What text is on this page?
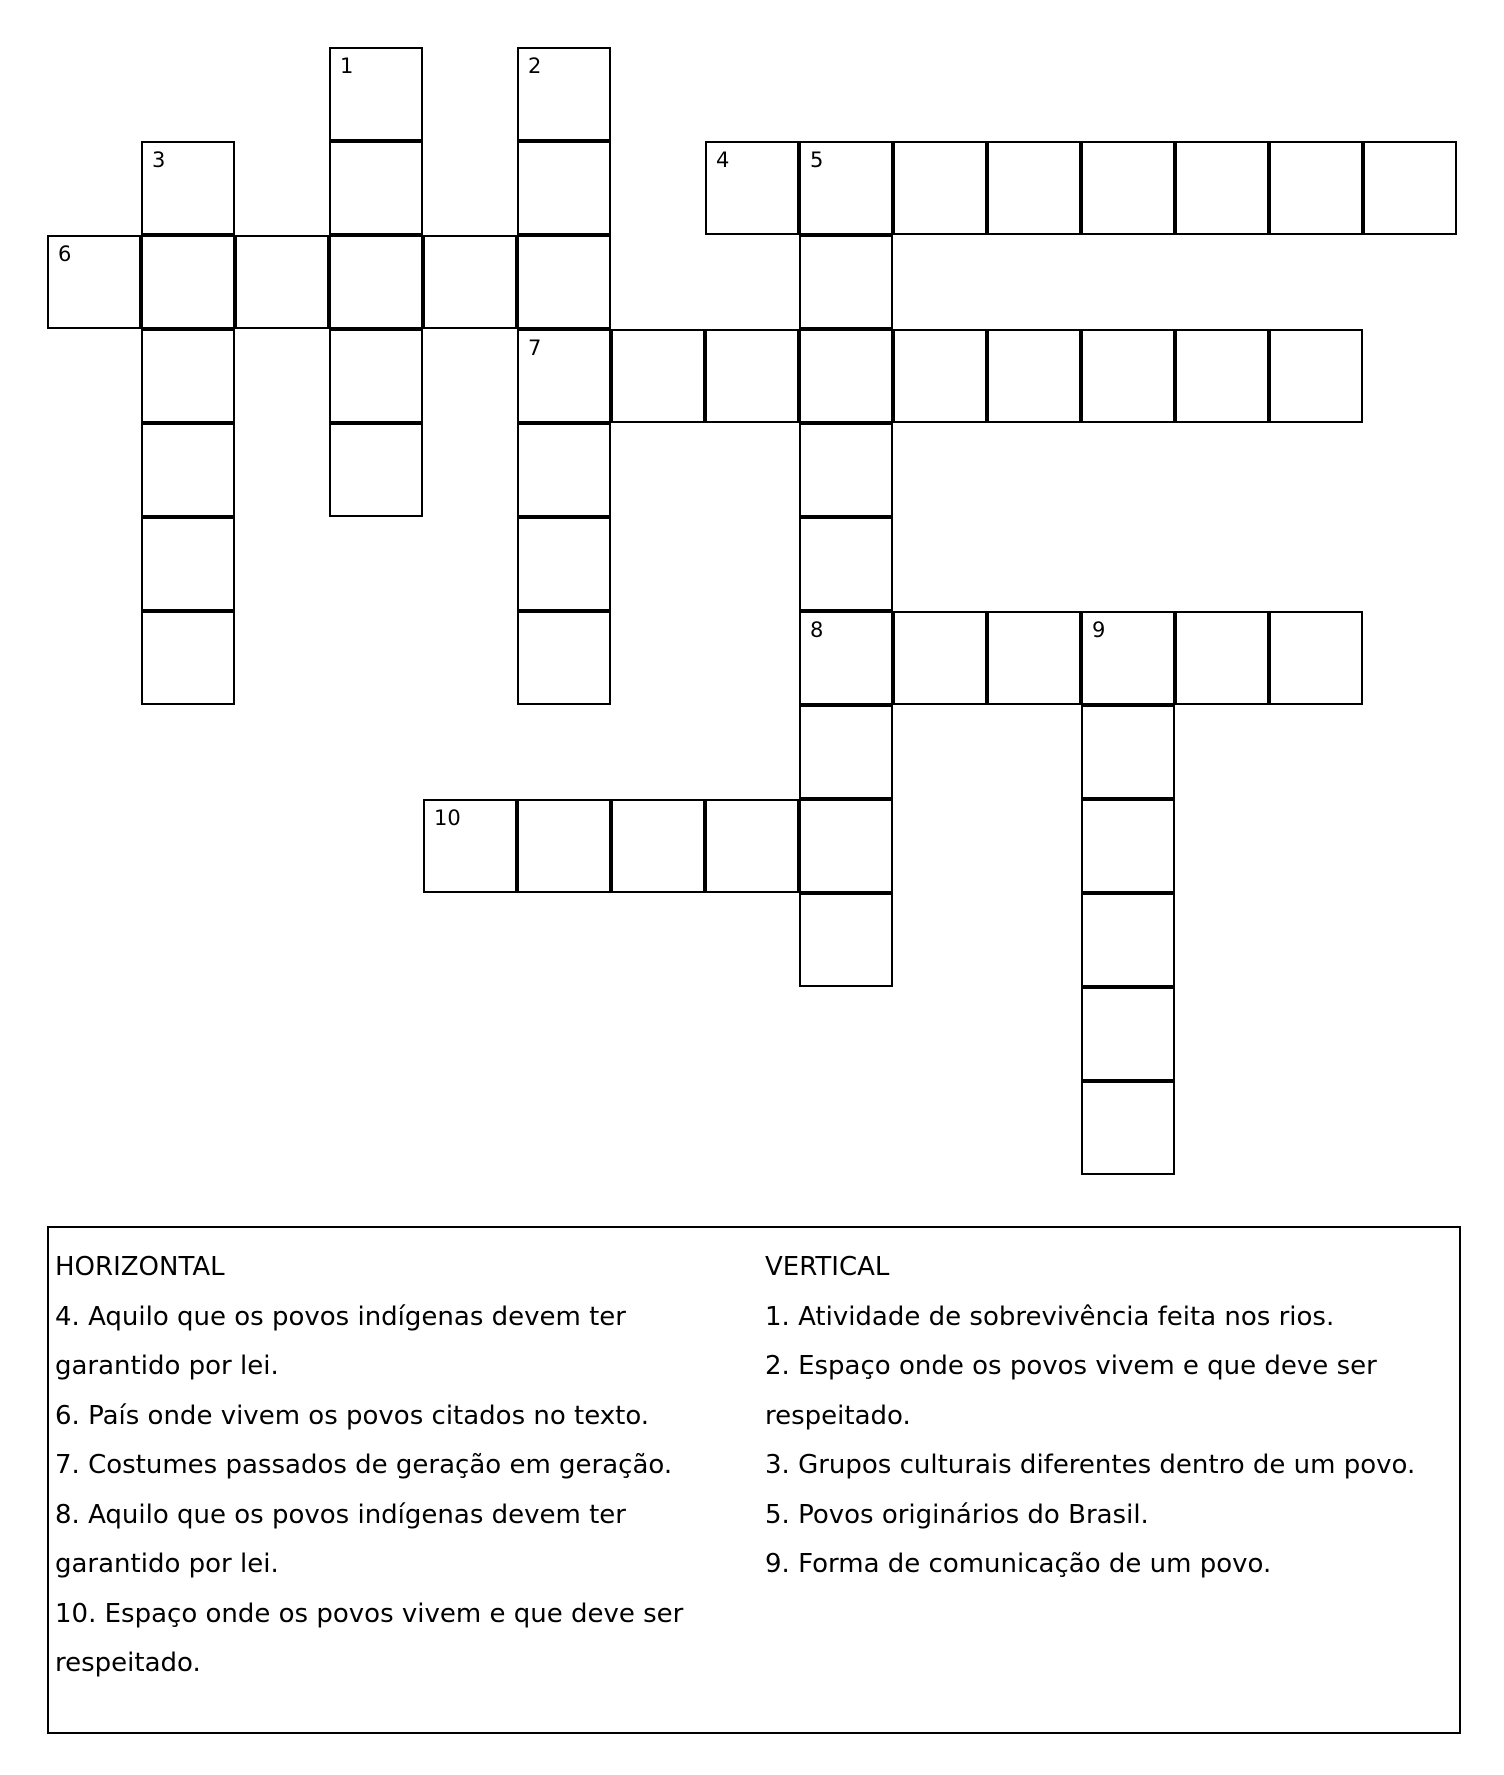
1	2
3	4	5
6
7
8	9
10

HORIZONTAL

4. Aquilo que os povos indígenas devem ter

garantido por lei.

6. País onde vivem os povos citados no texto.

7. Costumes passados de geração em geração.

8. Aquilo que os povos indígenas devem ter

garantido por lei.

10. Espaço onde os povos vivem e que deve ser

respeitado.

VERTICAL

1. Atividade de sobrevivência feita nos rios.

2. Espaço onde os povos vivem e que deve ser

respeitado.

3. Grupos culturais diferentes dentro de um povo.

5. Povos originários do Brasil.

9. Forma de comunicação de um povo.
